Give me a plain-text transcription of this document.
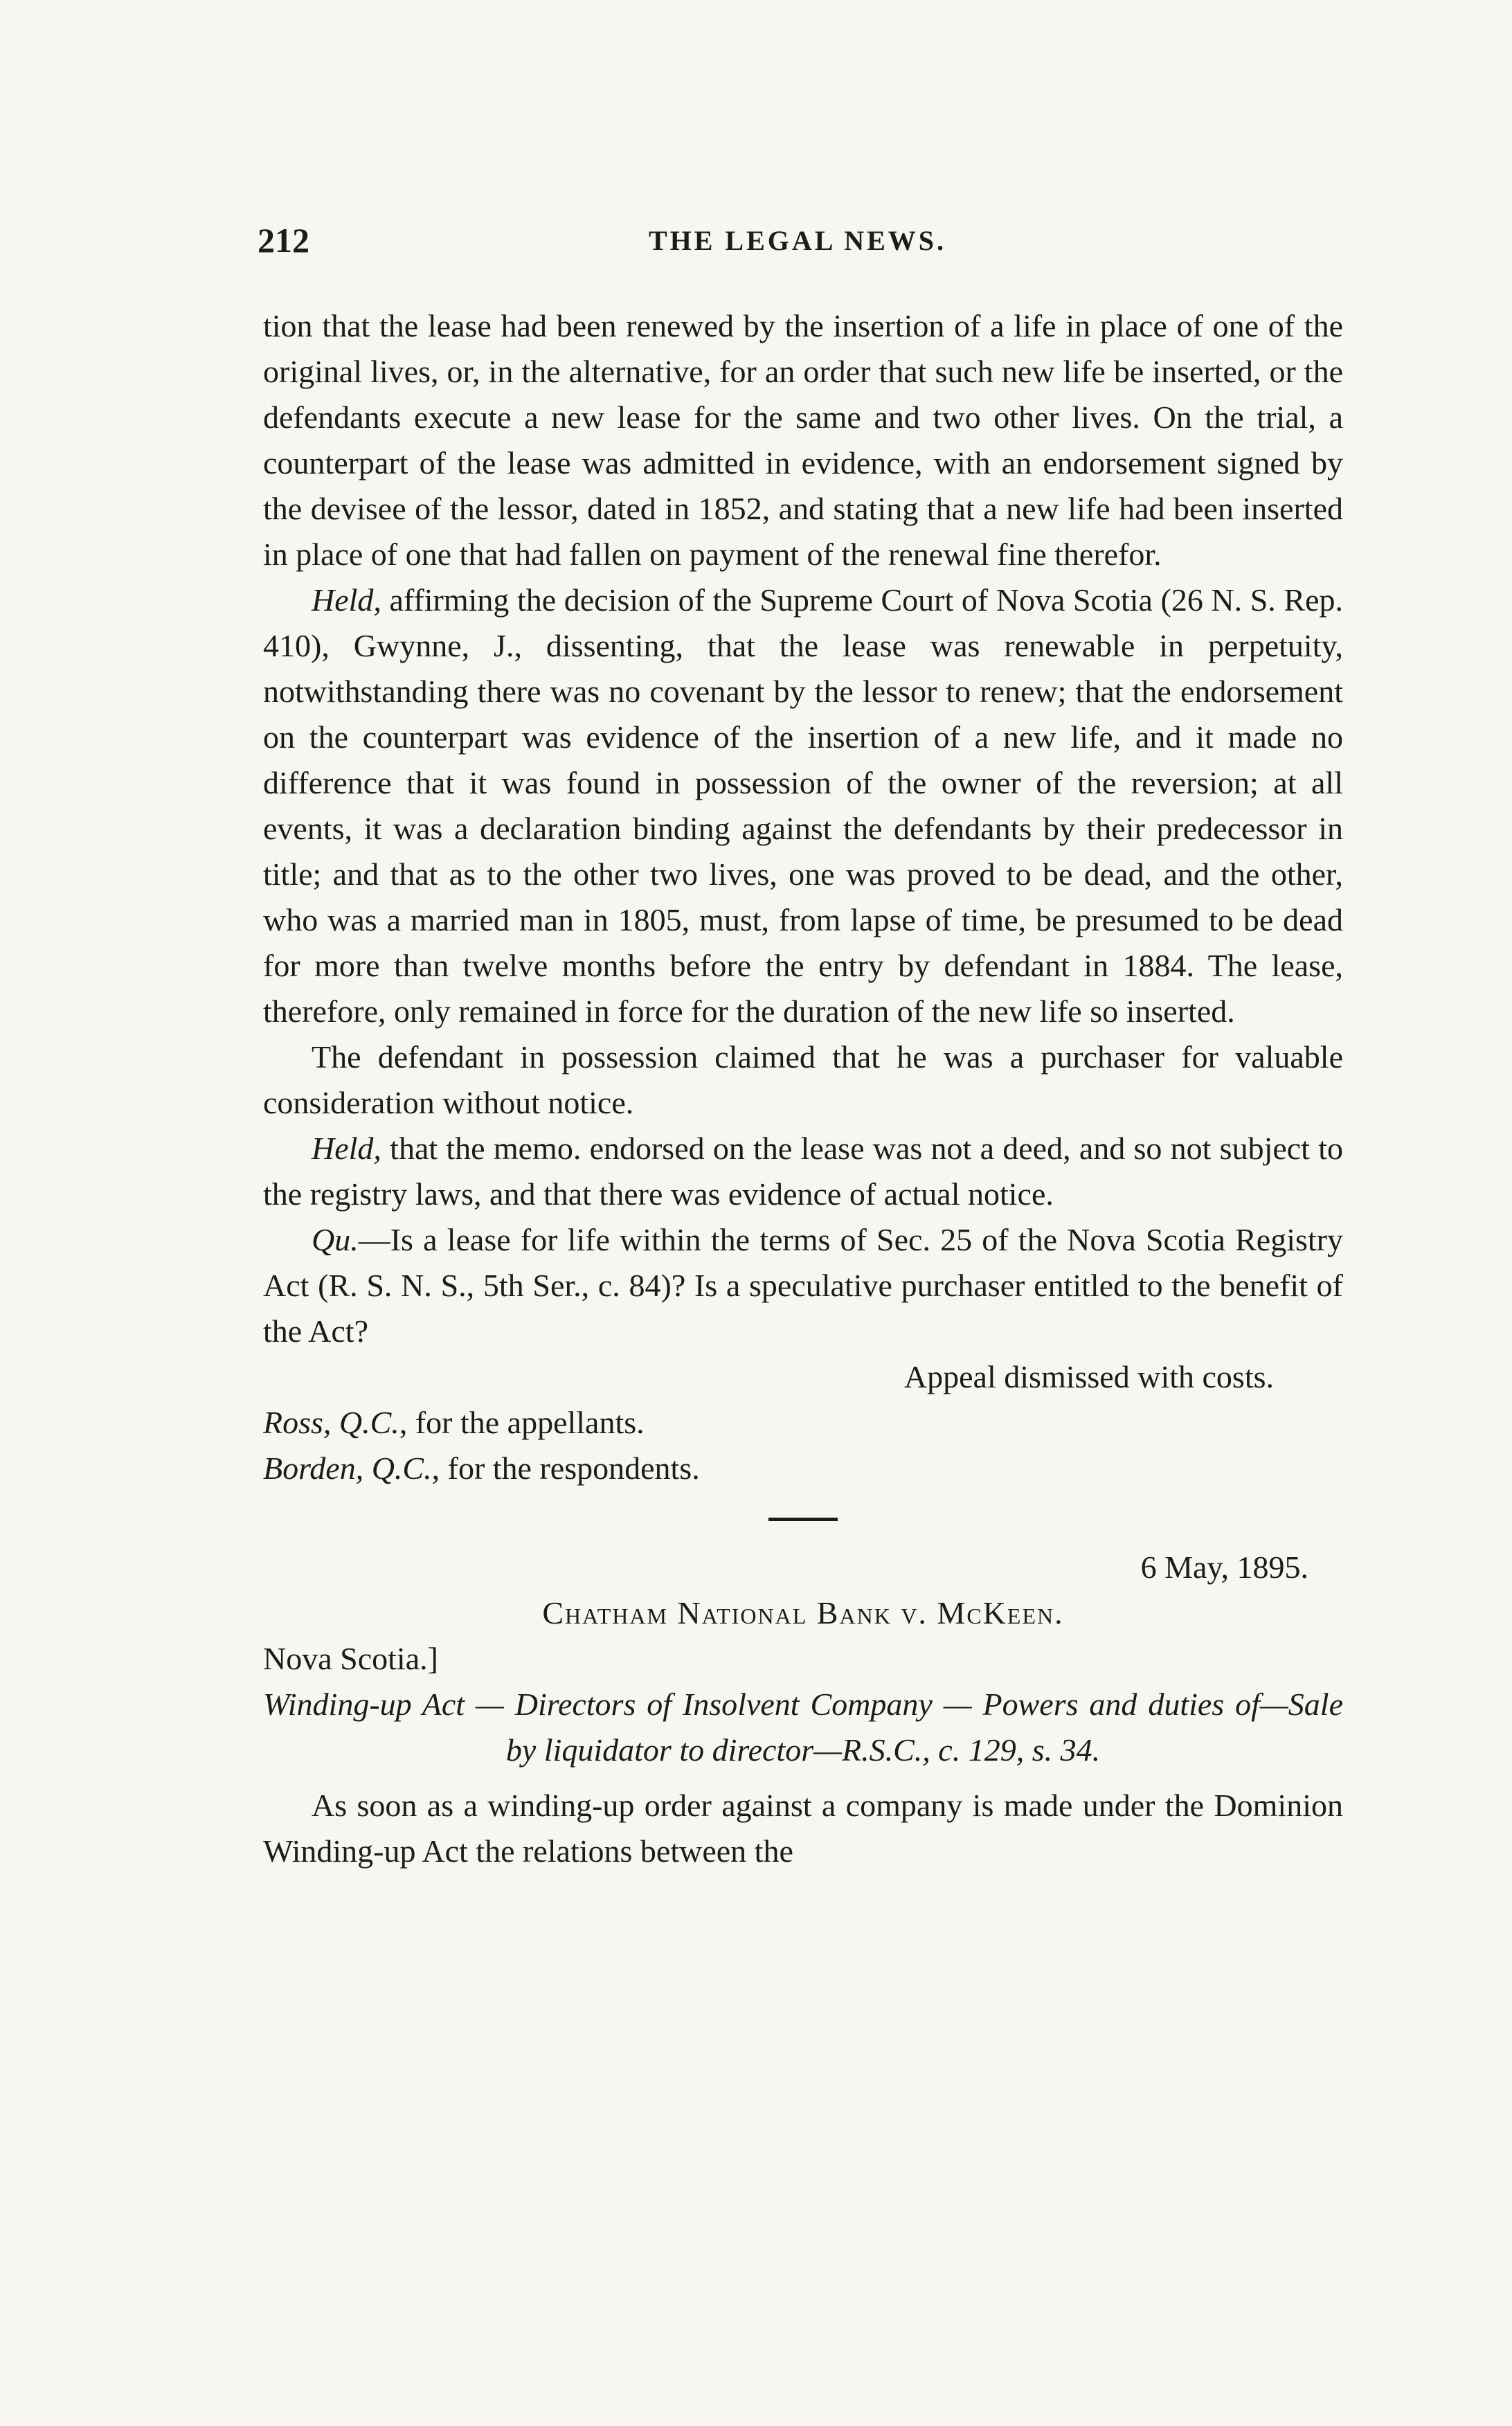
212	THE LEGAL NEWS.

tion that the lease had been renewed by the insertion of a life in place of one of the original lives, or, in the alternative, for an order that such new life be inserted, or the defendants execute a new lease for the same and two other lives. On the trial, a counterpart of the lease was admitted in evidence, with an endorsement signed by the devisee of the lessor, dated in 1852, and stating that a new life had been inserted in place of one that had fallen on payment of the renewal fine therefor.

Held, affirming the decision of the Supreme Court of Nova Scotia (26 N. S. Rep. 410), Gwynne, J., dissenting, that the lease was renewable in perpetuity, notwithstanding there was no covenant by the lessor to renew; that the endorsement on the counterpart was evidence of the insertion of a new life, and it made no difference that it was found in possession of the owner of the reversion; at all events, it was a declaration binding against the defendants by their predecessor in title; and that as to the other two lives, one was proved to be dead, and the other, who was a married man in 1805, must, from lapse of time, be presumed to be dead for more than twelve months before the entry by defendant in 1884. The lease, therefore, only remained in force for the duration of the new life so inserted.

The defendant in possession claimed that he was a purchaser for valuable consideration without notice.

Held, that the memo. endorsed on the lease was not a deed, and so not subject to the registry laws, and that there was evidence of actual notice.

Qu.—Is a lease for life within the terms of Sec. 25 of the Nova Scotia Registry Act (R. S. N. S., 5th Ser., c. 84)? Is a speculative purchaser entitled to the benefit of the Act?

Appeal dismissed with costs.

Ross, Q.C., for the appellants.

Borden, Q.C., for the respondents.

6 May, 1895.

Chatham National Bank v. McKeen.

Nova Scotia.]

Winding-up Act — Directors of Insolvent Company — Powers and duties of—Sale by liquidator to director—R.S.C., c. 129, s. 34.

As soon as a winding-up order against a company is made under the Dominion Winding-up Act the relations between the
